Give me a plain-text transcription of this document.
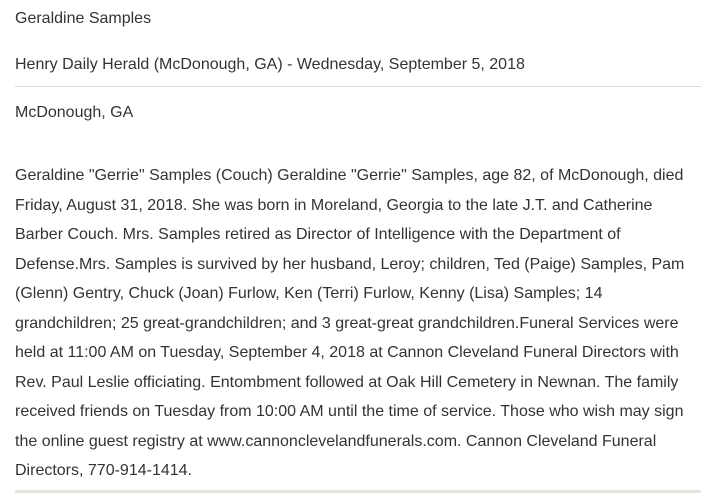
Geraldine Samples
Henry Daily Herald (McDonough, GA) - Wednesday, September 5, 2018
McDonough, GA

Geraldine "Gerrie" Samples (Couch) Geraldine "Gerrie" Samples, age 82, of McDonough, died Friday, August 31, 2018. She was born in Moreland, Georgia to the late J.T. and Catherine Barber Couch. Mrs. Samples retired as Director of Intelligence with the Department of Defense.Mrs. Samples is survived by her husband, Leroy; children, Ted (Paige) Samples, Pam (Glenn) Gentry, Chuck (Joan) Furlow, Ken (Terri) Furlow, Kenny (Lisa) Samples; 14 grandchildren; 25 great-grandchildren; and 3 great-great grandchildren.Funeral Services were held at 11:00 AM on Tuesday, September 4, 2018 at Cannon Cleveland Funeral Directors with Rev. Paul Leslie officiating. Entombment followed at Oak Hill Cemetery in Newnan. The family received friends on Tuesday from 10:00 AM until the time of service. Those who wish may sign the online guest registry at www.cannonclevelandfunerals.com. Cannon Cleveland Funeral Directors, 770-914-1414.
